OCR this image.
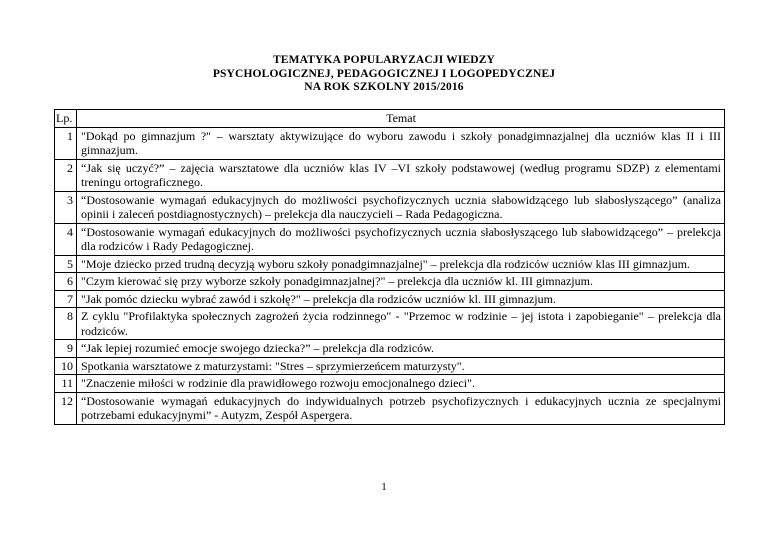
TEMATYKA POPULARYZACJI WIEDZY
PSYCHOLOGICZNEJ, PEDAGOGICZNEJ I LOGOPEDYCZNEJ
NA ROK SZKOLNY 2015/2016
Lp.	Temat
1	"Dokąd po gimnazjum ?" – warsztaty aktywizujące do wyboru zawodu i szkoły ponadgimnazjalnej dla uczniów klas II i III gimnazjum.
2	“Jak się uczyć?” – zajęcia warsztatowe dla uczniów klas IV –VI szkoły podstawowej (według programu SDZP) z elementami treningu ortograficznego.
3	“Dostosowanie wymagań edukacyjnych do możliwości psychofizycznych ucznia słabowidzącego lub słabosłyszącego” (analiza opinii i zaleceń postdiagnostycznych) – prelekcja dla nauczycieli – Rada Pedagogiczna.
4	“Dostosowanie wymagań edukacyjnych do możliwości psychofizycznych ucznia słabosłyszącego lub słabowidzącego” – prelekcja dla rodziców i Rady Pedagogicznej.
5	"Moje dziecko przed trudną decyzją wyboru szkoły ponadgimnazjalnej" – prelekcja dla rodziców uczniów klas III gimnazjum.
6	"Czym kierować się przy wyborze szkoły ponadgimnazjalnej?" – prelekcja dla uczniów kl. III gimnazjum.
7	"Jak pomóc dziecku wybrać zawód i szkołę?" – prelekcja dla rodziców uczniów kl. III gimnazjum.
8	Z cyklu "Profilaktyka społecznych zagrożeń życia rodzinnego" - "Przemoc w rodzinie – jej istota i zapobieganie" – prelekcja dla rodziców.
9	“Jak lepiej rozumieć emocje swojego dziecka?” – prelekcja dla rodziców.
10	Spotkania warsztatowe z maturzystami: "Stres – sprzymierzeńcem maturzysty".
11	"Znaczenie miłości w rodzinie dla prawidłowego rozwoju emocjonalnego dzieci".
12	“Dostosowanie wymagań edukacyjnych do indywidualnych potrzeb psychofizycznych i edukacyjnych ucznia ze specjalnymi potrzebami edukacyjnymi” - Autyzm, Zespół Aspergera.
1
